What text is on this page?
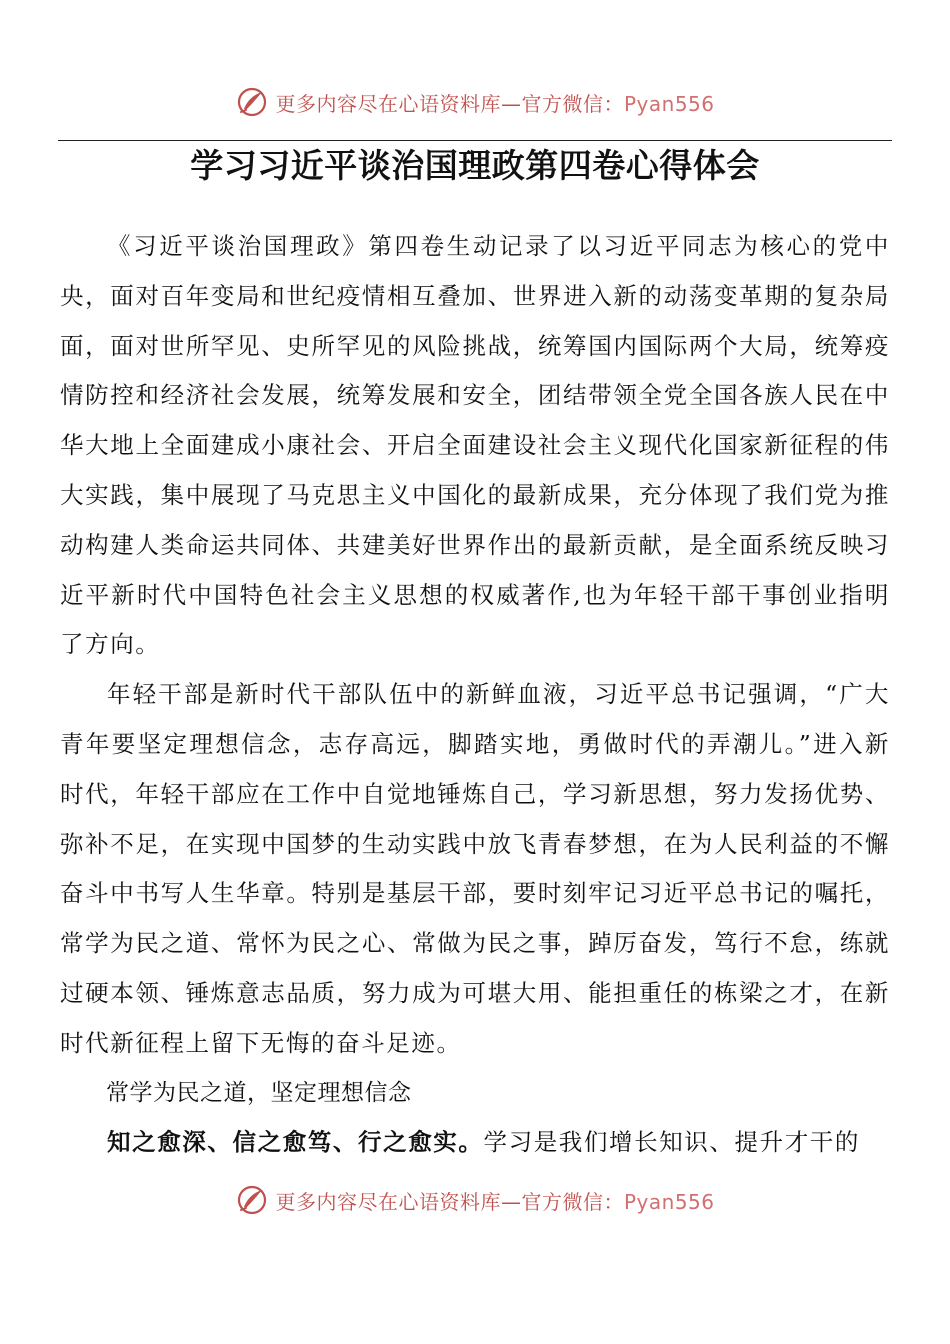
更多内容尽在心语资料库—官方微信：Pyan556
学习习近平谈治国理政第四卷心得体会

《习近平谈治国理政》第四卷生动记录了以习近平同志为核心的党中央，面对百年变局和世纪疫情相互叠加、世界进入新的动荡变革期的复杂局面，面对世所罕见、史所罕见的风险挑战，统筹国内国际两个大局，统筹疫情防控和经济社会发展，统筹发展和安全，团结带领全党全国各族人民在中华大地上全面建成小康社会、开启全面建设社会主义现代化国家新征程的伟大实践，集中展现了马克思主义中国化的最新成果，充分体现了我们党为推动构建人类命运共同体、共建美好世界作出的最新贡献，是全面系统反映习近平新时代中国特色社会主义思想的权威著作,也为年轻干部干事创业指明了方向。

年轻干部是新时代干部队伍中的新鲜血液，习近平总书记强调，“广大青年要坚定理想信念，志存高远，脚踏实地，勇做时代的弄潮儿。”进入新时代，年轻干部应在工作中自觉地锤炼自己，学习新思想，努力发扬优势、弥补不足，在实现中国梦的生动实践中放飞青春梦想，在为人民利益的不懈奋斗中书写人生华章。特别是基层干部，要时刻牢记习近平总书记的嘱托，常学为民之道、常怀为民之心、常做为民之事，踔厉奋发，笃行不怠，练就过硬本领、锤炼意志品质，努力成为可堪大用、能担重任的栋梁之才，在新时代新征程上留下无悔的奋斗足迹。

常学为民之道，坚定理想信念

知之愈深、信之愈笃、行之愈实。学习是我们增长知识、提升才干的

更多内容尽在心语资料库—官方微信：Pyan556
